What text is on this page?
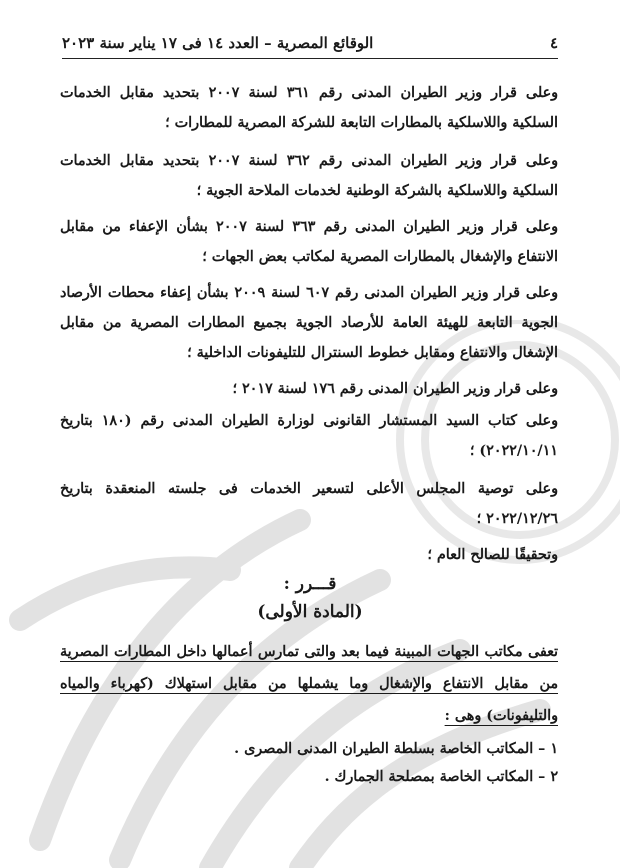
٤
الوقائع المصرية – العدد ١٤ فى ١٧ يناير سنة ٢٠٢٣

وعلى قرار وزير الطيران المدنى رقم ٣٦١ لسنة ٢٠٠٧ بتحديد مقابل الخدمات السلكية واللاسلكية بالمطارات التابعة للشركة المصرية للمطارات ؛

وعلى قرار وزير الطيران المدنى رقم ٣٦٢ لسنة ٢٠٠٧ بتحديد مقابل الخدمات السلكية واللاسلكية بالشركة الوطنية لخدمات الملاحة الجوية ؛

وعلى قرار وزير الطيران المدنى رقم ٣٦٣ لسنة ٢٠٠٧ بشأن الإعفاء من مقابل الانتفاع والإشغال بالمطارات المصرية لمكاتب بعض الجهات ؛

وعلى قرار وزير الطيران المدنى رقم ٦٠٧ لسنة ٢٠٠٩ بشأن إعفاء محطات الأرصاد الجوية التابعة للهيئة العامة للأرصاد الجوية بجميع المطارات المصرية من مقابل الإشغال والانتفاع ومقابل خطوط السنترال للتليفونات الداخلية ؛

وعلى قرار وزير الطيران المدنى رقم ١٧٦ لسنة ٢٠١٧ ؛

وعلى كتاب السيد المستشار القانونى لوزارة الطيران المدنى رقم (١٨٠ بتاريخ ٢٠٢٢/١٠/١١) ؛

وعلى توصية المجلس الأعلى لتسعير الخدمات فى جلسته المنعقدة بتاريخ ٢٠٢٢/١٢/٢٦ ؛

وتحقيقًا للصالح العام ؛

قـــرر :
(المادة الأولى)

تعفى مكاتب الجهات المبينة فيما بعد والتى تمارس أعمالها داخل المطارات المصرية من مقابل الانتفاع والإشغال وما يشملها من مقابل استهلاك (كهرباء والمياه والتليفونات) وهى :

١ – المكاتب الخاصة بسلطة الطيران المدنى المصرى .
٢ – المكاتب الخاصة بمصلحة الجمارك .
